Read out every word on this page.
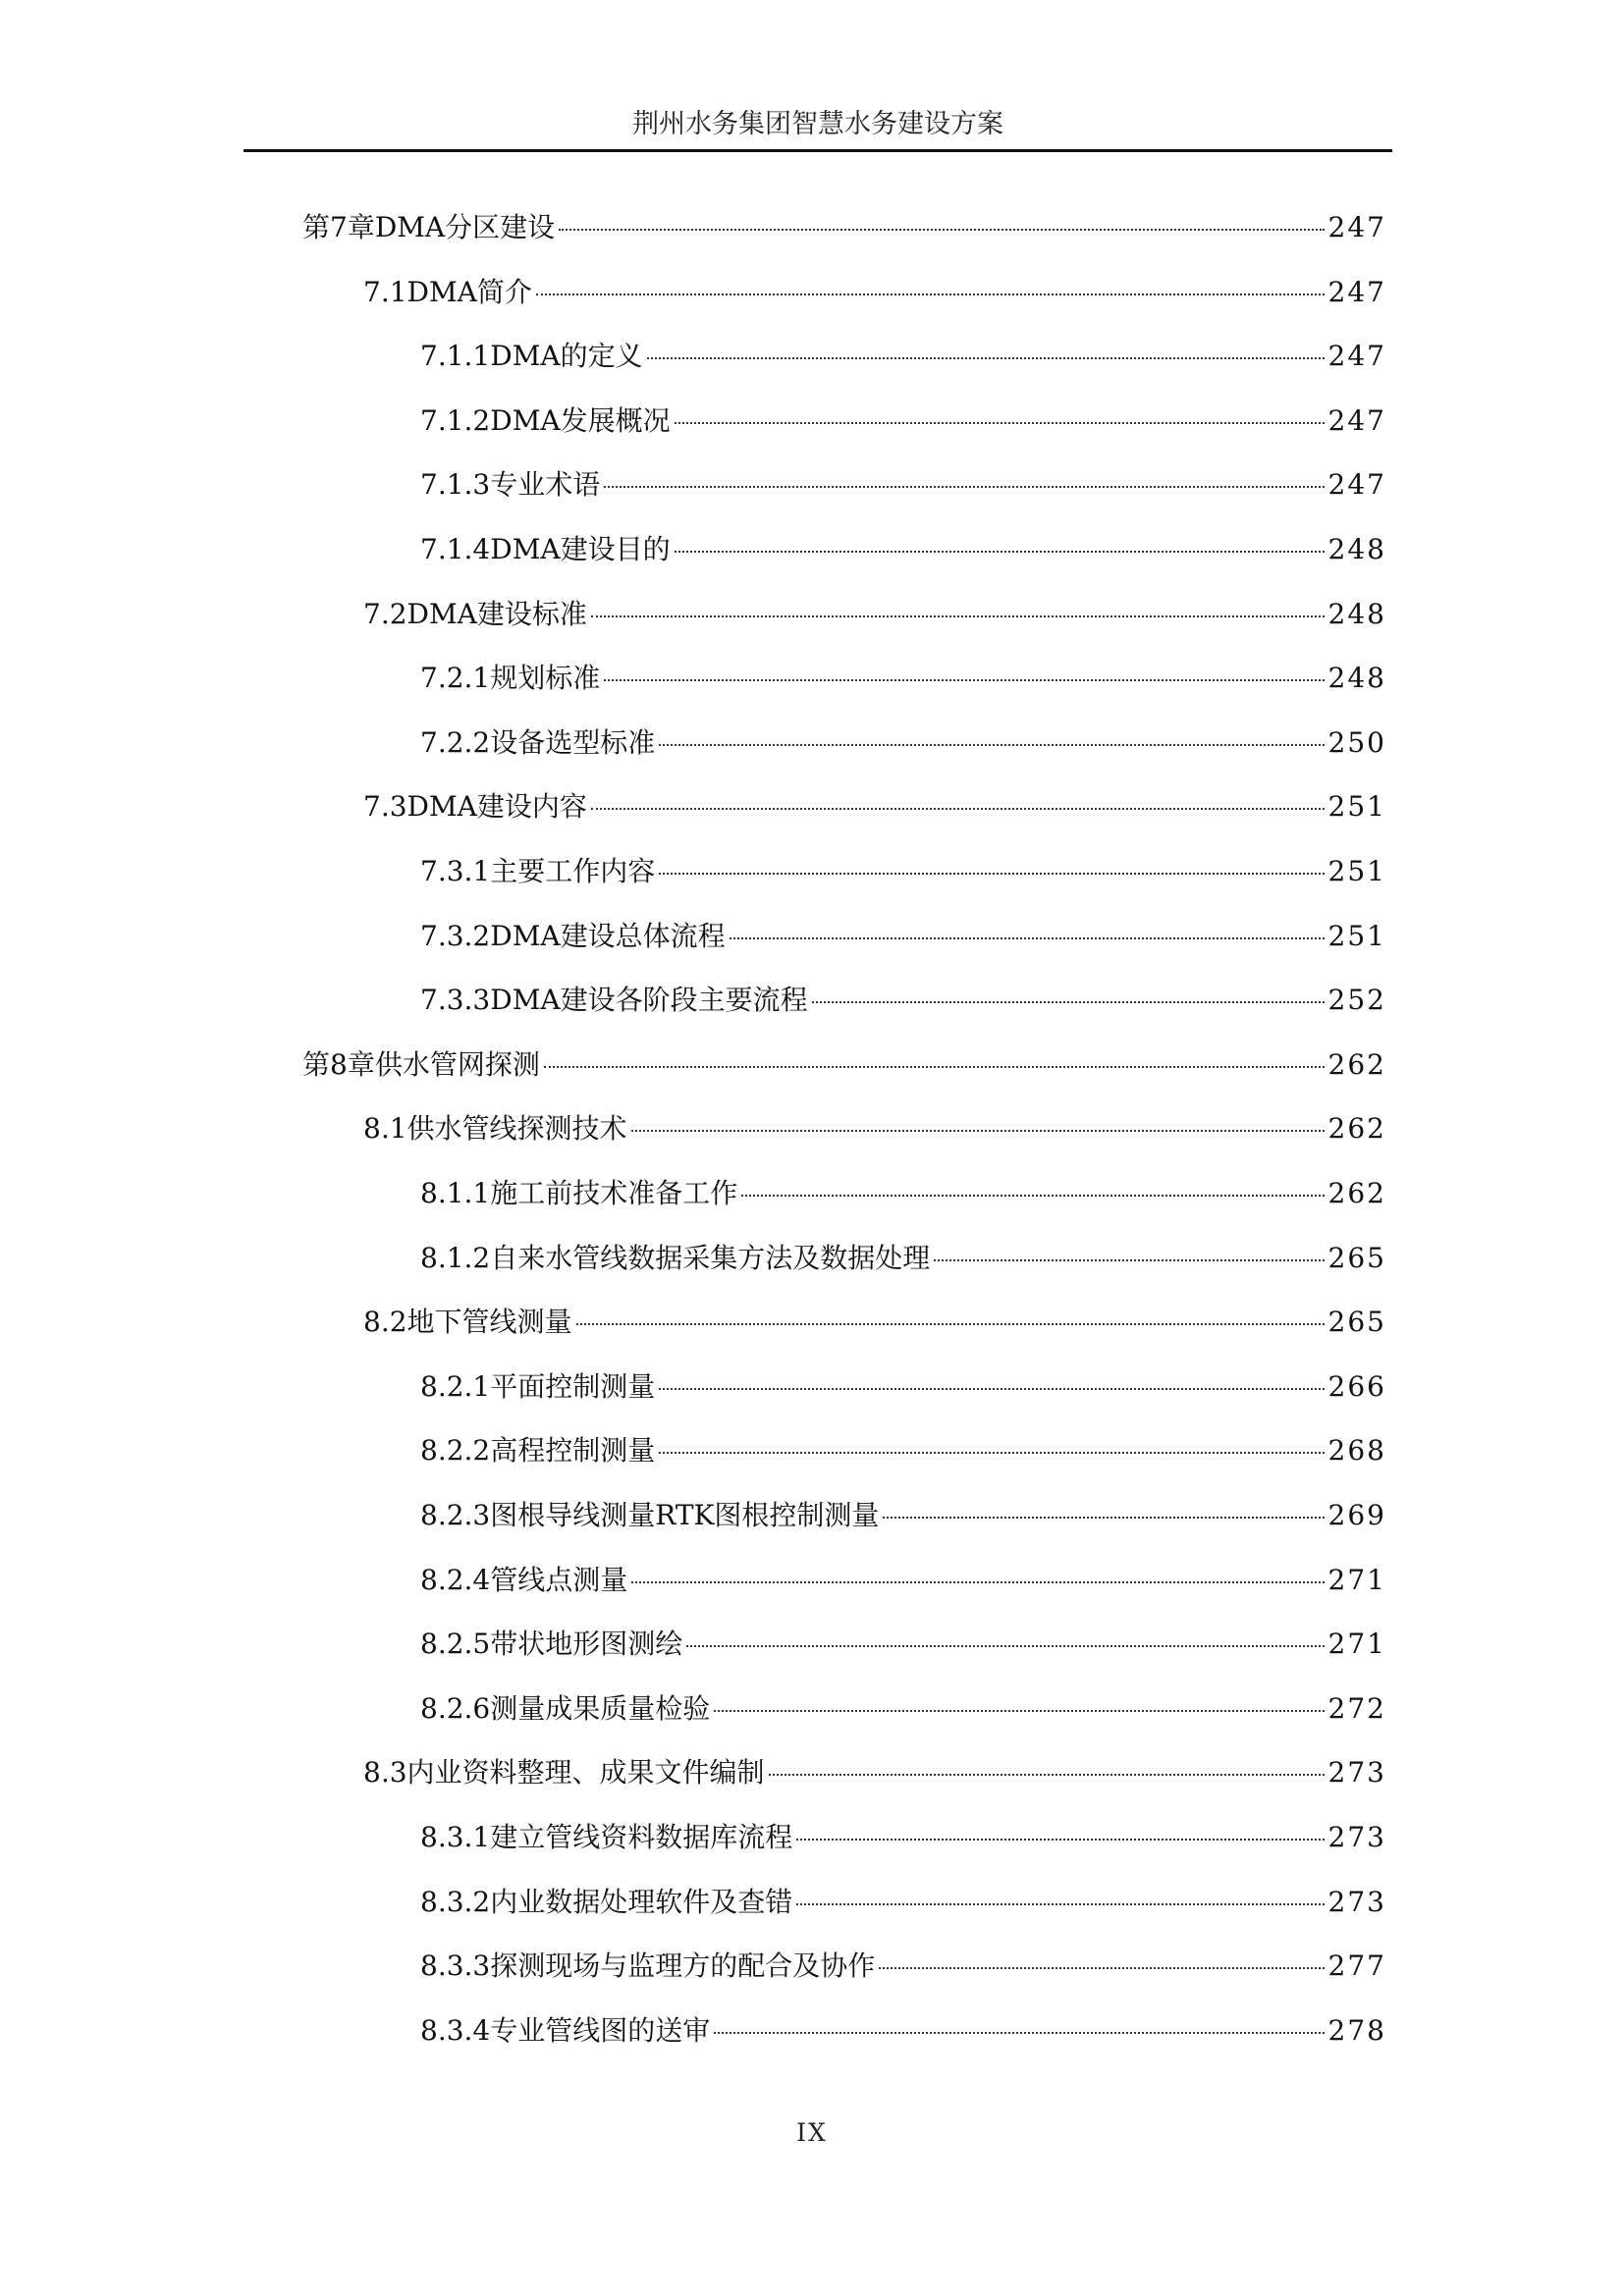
荆州水务集团智慧水务建设方案
第7章DMA分区建设	247
7.1DMA简介	247
7.1.1DMA的定义	247
7.1.2DMA发展概况	247
7.1.3专业术语	247
7.1.4DMA建设目的	248
7.2DMA建设标准	248
7.2.1规划标准	248
7.2.2设备选型标准	250
7.3DMA建设内容	251
7.3.1主要工作内容	251
7.3.2DMA建设总体流程	251
7.3.3DMA建设各阶段主要流程	252
第8章供水管网探测	262
8.1供水管线探测技术	262
8.1.1施工前技术准备工作	262
8.1.2自来水管线数据采集方法及数据处理	265
8.2地下管线测量	265
8.2.1平面控制测量	266
8.2.2高程控制测量	268
8.2.3图根导线测量RTK图根控制测量	269
8.2.4管线点测量	271
8.2.5带状地形图测绘	271
8.2.6测量成果质量检验	272
8.3内业资料整理、成果文件编制	273
8.3.1建立管线资料数据库流程	273
8.3.2内业数据处理软件及查错	273
8.3.3探测现场与监理方的配合及协作	277
8.3.4专业管线图的送审	278
IX
